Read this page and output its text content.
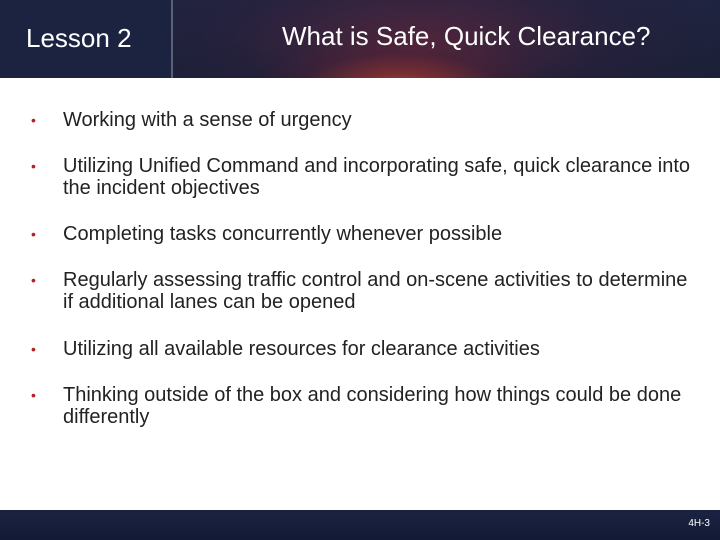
Lesson 2	What is Safe, Quick Clearance?
•	Working with a sense of urgency
•	Utilizing Unified Command and incorporating safe, quick clearance into the incident objectives
•	Completing tasks concurrently whenever possible
•	Regularly assessing traffic control and on-scene activities to determine if additional lanes can be opened
•	Utilizing all available resources for clearance activities
•	Thinking outside of the box and considering how things could be done differently
4H-3
